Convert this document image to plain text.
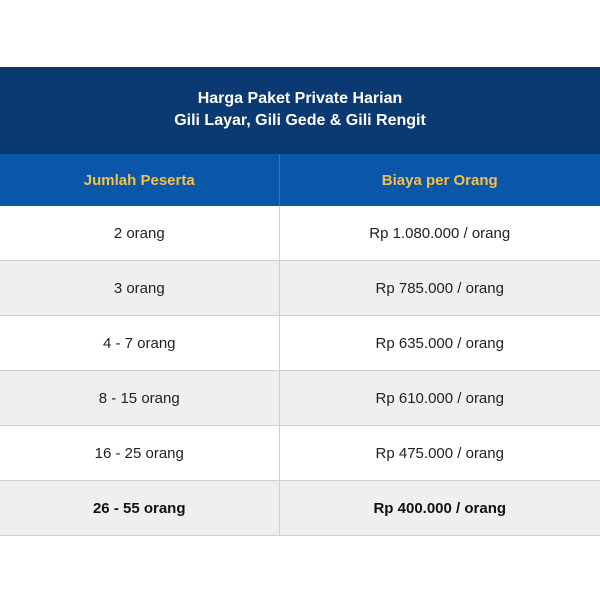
Harga Paket Private Harian
Gili Layar, Gili Gede & Gili Rengit	

Jumlah Peserta	Biaya per Orang
2 orang	Rp 1.080.000 / orang
3 orang	Rp 785.000 / orang
4 - 7 orang	Rp 635.000 / orang
8 - 15 orang	Rp 610.000 / orang
16 - 25 orang	Rp 475.000 / orang
26 - 55 orang	Rp 400.000 / orang
